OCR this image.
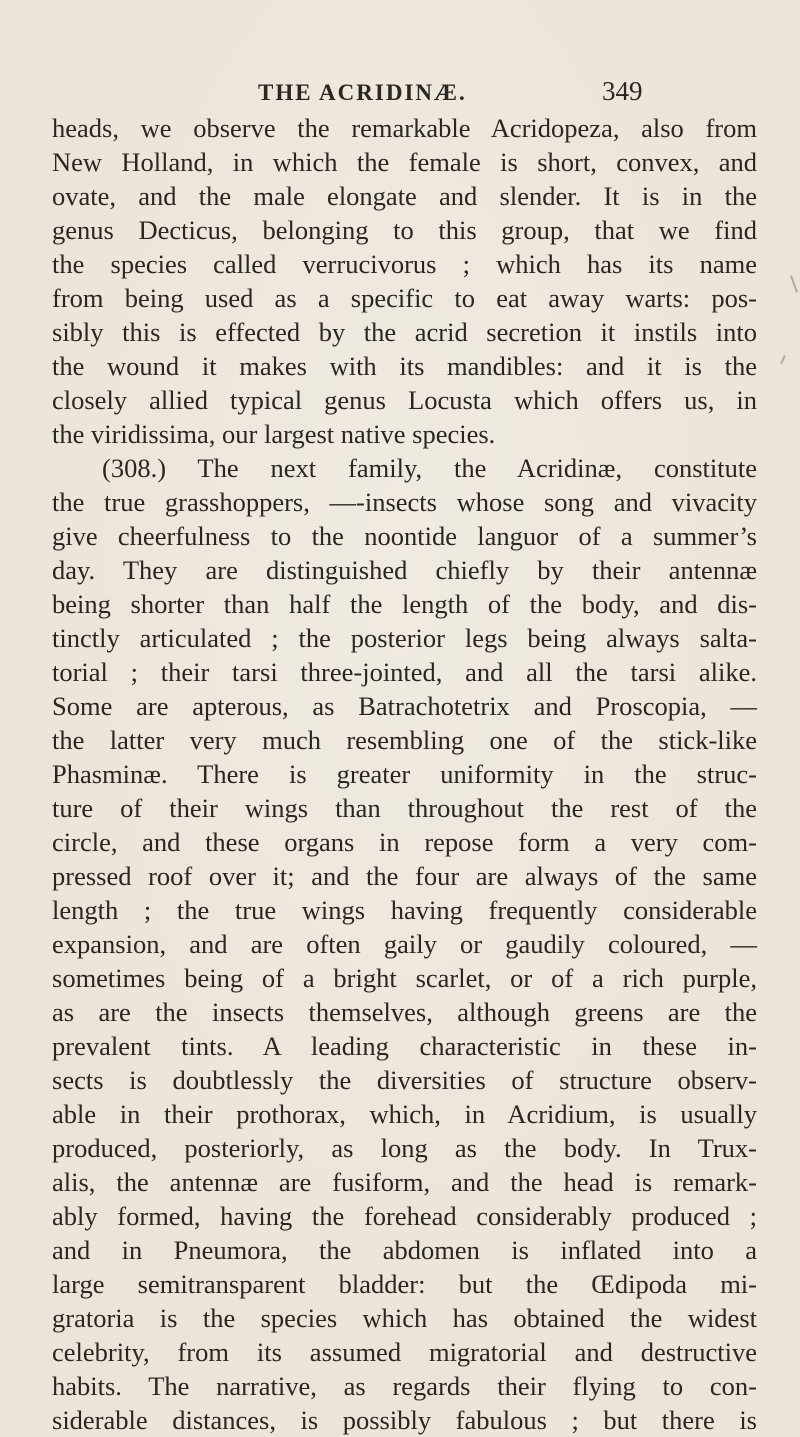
THE ACRIDINÆ.	349
heads, we observe the remarkable Acridopeza, also from
New Holland, in which the female is short, convex, and
ovate, and the male elongate and slender. It is in the
genus Decticus, belonging to this group, that we find
the species called verrucivorus ; which has its name
from being used as a specific to eat away warts: pos-
sibly this is effected by the acrid secretion it instils into
the wound it makes with its mandibles: and it is the
closely allied typical genus Locusta which offers us, in
the viridissima, our largest native species.
(308.) The next family, the Acridinæ, constitute
the true grasshoppers, —-insects whose song and vivacity
give cheerfulness to the noontide languor of a summer’s
day. They are distinguished chiefly by their antennæ
being shorter than half the length of the body, and dis-
tinctly articulated ; the posterior legs being always salta-
torial ; their tarsi three-jointed, and all the tarsi alike.
Some are apterous, as Batrachotetrix and Proscopia, —
the latter very much resembling one of the stick-like
Phasminæ. There is greater uniformity in the struc-
ture of their wings than throughout the rest of the
circle, and these organs in repose form a very com-
pressed roof over it; and the four are always of the same
length ; the true wings having frequently considerable
expansion, and are often gaily or gaudily coloured, —
sometimes being of a bright scarlet, or of a rich purple,
as are the insects themselves, although greens are the
prevalent tints. A leading characteristic in these in-
sects is doubtlessly the diversities of structure observ-
able in their prothorax, which, in Acridium, is usually
produced, posteriorly, as long as the body. In Trux-
alis, the antennæ are fusiform, and the head is remark-
ably formed, having the forehead considerably produced ;
and in Pneumora, the abdomen is inflated into a
large semitransparent bladder: but the Œdipoda mi-
gratoria is the species which has obtained the widest
celebrity, from its assumed migratorial and destructive
habits. The narrative, as regards their flying to con-
siderable distances, is possibly fabulous ; but there is
